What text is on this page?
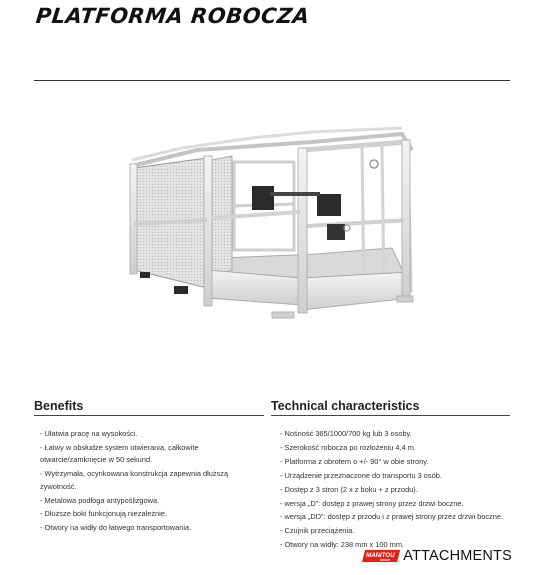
PLATFORMA ROBOCZA
Benefits	Technical characteristics
- Ułatwia pracę na wysokości.
- Łatwy w obsłudze system otwierania, całkowite otwarcie/zamknięcie w 50 sekund.
- Wytrzymała, ocynkowana konstrukcja zapewnia dłuższą żywotność.
- Metalowa podłoga antypoślizgowa.
- Dłuższe boki funkcjonują niezależnie.
- Otwory na widły do łatwego transportowania.
- Nośność 365/1000/700 kg lub 3 osoby.
- Szerokość robocza po rozłożeniu 4,4 m.
- Platforma z obrotem o +/- 90° w obie strony.
- Urządzenie przeznaczone do transportu 3 osób.
- Dostęp z 3 stron (2 x z boku + z przodu).
- wersja „D”: dostęp z prawej strony przez drzwi boczne.
- wersja „DD”: dostęp z przodu i z prawej strony przez drzwi boczne.
- Czujnik przeciążenia.
- Otwory na widły: 238 mm x 100 mm.
MANITOU
GROUP ATTACHMENTS
